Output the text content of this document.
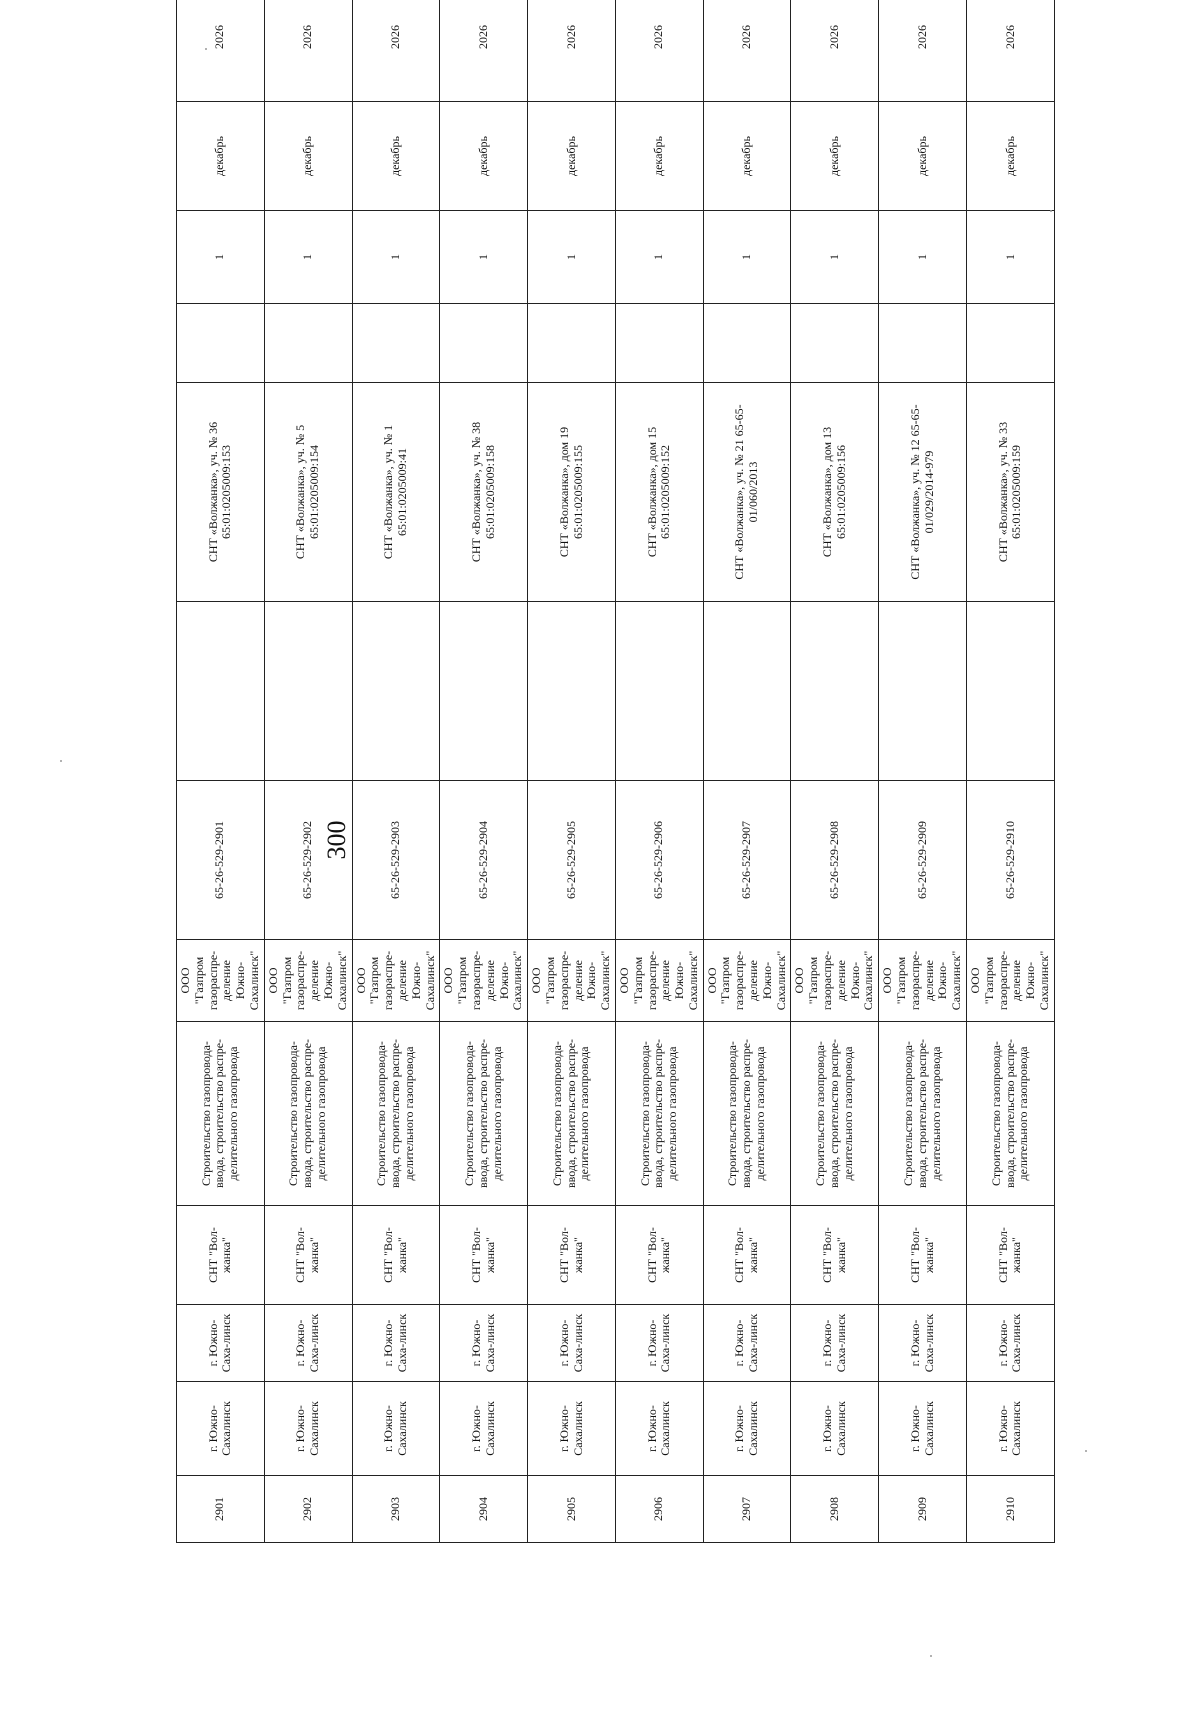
300
2901	г. Южно-Сахалинск	г. Южно-Саха-линск	СНТ "Вол-жанка"	Строительство газопровода-ввода, строительство распре-делительного газопровода	ООО "Газпром газораспре-деление Южно-Сахалинск"	65-26-529-2901		СНТ «Волжанка», уч. № 36 65:01:0205009:153		1	декабрь	2026
2902	г. Южно-Сахалинск	г. Южно-Саха-линск	СНТ "Вол-жанка"	Строительство газопровода-ввода, строительство распре-делительного газопровода	ООО "Газпром газораспре-деление Южно-Сахалинск"	65-26-529-2902		СНТ «Волжанка», уч. № 5 65:01:0205009:154		1	декабрь	2026
2903	г. Южно-Сахалинск	г. Южно-Саха-линск	СНТ "Вол-жанка"	Строительство газопровода-ввода, строительство распре-делительного газопровода	ООО "Газпром газораспре-деление Южно-Сахалинск"	65-26-529-2903		СНТ «Волжанка», уч. № 1 65:01:0205009:41		1	декабрь	2026
2904	г. Южно-Сахалинск	г. Южно-Саха-линск	СНТ "Вол-жанка"	Строительство газопровода-ввода, строительство распре-делительного газопровода	ООО "Газпром газораспре-деление Южно-Сахалинск"	65-26-529-2904		СНТ «Волжанка», уч. № 38 65:01:0205009:158		1	декабрь	2026
2905	г. Южно-Сахалинск	г. Южно-Саха-линск	СНТ "Вол-жанка"	Строительство газопровода-ввода, строительство распре-делительного газопровода	ООО "Газпром газораспре-деление Южно-Сахалинск"	65-26-529-2905		СНТ «Волжанка», дом 19 65:01:0205009:155		1	декабрь	2026
2906	г. Южно-Сахалинск	г. Южно-Саха-линск	СНТ "Вол-жанка"	Строительство газопровода-ввода, строительство распре-делительного газопровода	ООО "Газпром газораспре-деление Южно-Сахалинск"	65-26-529-2906		СНТ «Волжанка», дом 15 65:01:0205009:152		1	декабрь	2026
2907	г. Южно-Сахалинск	г. Южно-Саха-линск	СНТ "Вол-жанка"	Строительство газопровода-ввода, строительство распре-делительного газопровода	ООО "Газпром газораспре-деление Южно-Сахалинск"	65-26-529-2907		СНТ «Волжанка», уч. № 21 65-65-01/060/2013		1	декабрь	2026
2908	г. Южно-Сахалинск	г. Южно-Саха-линск	СНТ "Вол-жанка"	Строительство газопровода-ввода, строительство распре-делительного газопровода	ООО "Газпром газораспре-деление Южно-Сахалинск"	65-26-529-2908		СНТ «Волжанка», дом 13 65:01:0205009:156		1	декабрь	2026
2909	г. Южно-Сахалинск	г. Южно-Саха-линск	СНТ "Вол-жанка"	Строительство газопровода-ввода, строительство распре-делительного газопровода	ООО "Газпром газораспре-деление Южно-Сахалинск"	65-26-529-2909		СНТ «Волжанка», уч. № 12 65-65-01/029/2014-979		1	декабрь	2026
2910	г. Южно-Сахалинск	г. Южно-Саха-линск	СНТ "Вол-жанка"	Строительство газопровода-ввода, строительство распре-делительного газопровода	ООО "Газпром газораспре-деление Южно-Сахалинск"	65-26-529-2910		СНТ «Волжанка», уч. № 33 65:01:0205009:159		1	декабрь	2026
